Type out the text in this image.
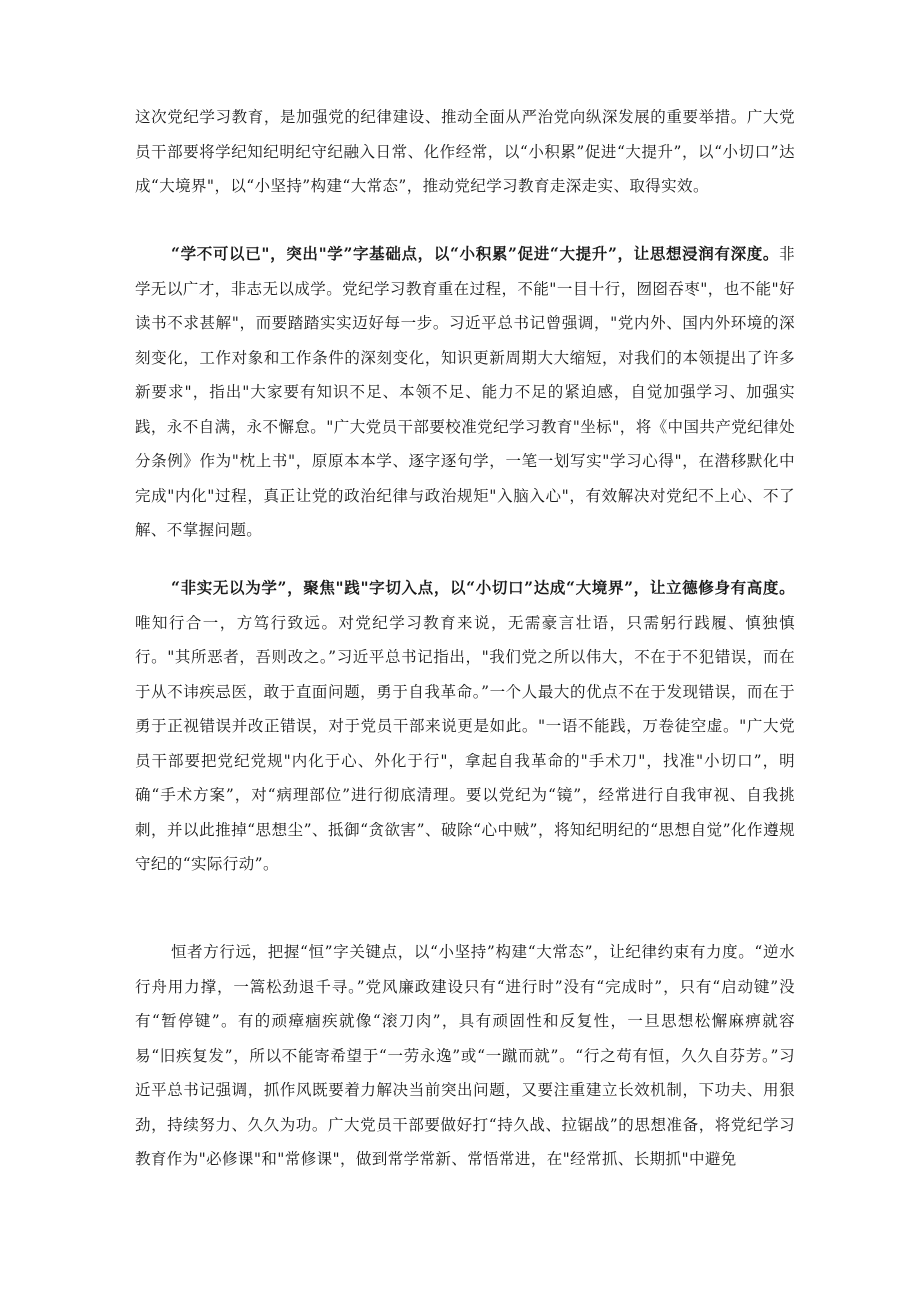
这次党纪学习教育，是加强党的纪律建设、推动全面从严治党向纵深发展的重要举措。广大党员干部要将学纪知纪明纪守纪融入日常、化作经常，以“小积累”促进“大提升”，以“小切口”达成“大境界"，以“小坚持”构建“大常态”，推动党纪学习教育走深走实、取得实效。

“学不可以已"，突出"学”字基础点，以“小积累”促进“大提升”，让思想浸润有深度。非学无以广才，非志无以成学。党纪学习教育重在过程，不能"一目十行，囫囵吞枣"，也不能"好读书不求甚解"，而要踏踏实实迈好每一步。习近平总书记曾强调，"党内外、国内外环境的深刻变化，工作对象和工作条件的深刻变化，知识更新周期大大缩短，对我们的本领提出了许多新要求"，指出"大家要有知识不足、本领不足、能力不足的紧迫感，自觉加强学习、加强实践，永不自满，永不懈怠。"广大党员干部要校准党纪学习教育"坐标"，将《中国共产党纪律处分条例》作为"枕上书"，原原本本学、逐字逐句学，一笔一划写实"学习心得"，在潜移默化中完成"内化"过程，真正让党的政治纪律与政治规矩"入脑入心"，有效解决对党纪不上心、不了解、不掌握问题。

“非实无以为学”，聚焦"践"字切入点，以“小切口”达成“大境界”，让立德修身有高度。唯知行合一，方笃行致远。对党纪学习教育来说，无需豪言壮语，只需躬行践履、慎独慎行。"其所恶者，吾则改之。”习近平总书记指出，"我们党之所以伟大，不在于不犯错误，而在于从不讳疾忌医，敢于直面问题，勇于自我革命。”一个人最大的优点不在于发现错误，而在于勇于正视错误并改正错误，对于党员干部来说更是如此。"一语不能践，万卷徒空虚。"广大党员干部要把党纪党规"内化于心、外化于行"，拿起自我革命的"手术刀"，找准"小切口”，明确“手术方案”，对“病理部位”进行彻底清理。要以党纪为“镜”，经常进行自我审视、自我挑刺，并以此推掉“思想尘”、抵御“贪欲害”、破除“心中贼”，将知纪明纪的“思想自觉”化作遵规守纪的“实际行动”。

恒者方行远，把握“恒”字关键点，以“小坚持”构建“大常态”，让纪律约束有力度。“逆水行舟用力撑，一篙松劲退千寻。”党风廉政建设只有“进行时”没有“完成时”，只有“启动键”没有“暂停键”。有的顽瘴痼疾就像“滚刀肉”，具有顽固性和反复性，一旦思想松懈麻痹就容易“旧疾复发”，所以不能寄希望于“一劳永逸”或“一蹴而就”。“行之苟有恒，久久自芬芳。”习近平总书记强调，抓作风既要着力解决当前突出问题，又要注重建立长效机制，下功夫、用狠劲，持续努力、久久为功。广大党员干部要做好打“持久战、拉锯战”的思想准备，将党纪学习教育作为"必修课"和"常修课"，做到常学常新、常悟常进，在"经常抓、长期抓"中避免
